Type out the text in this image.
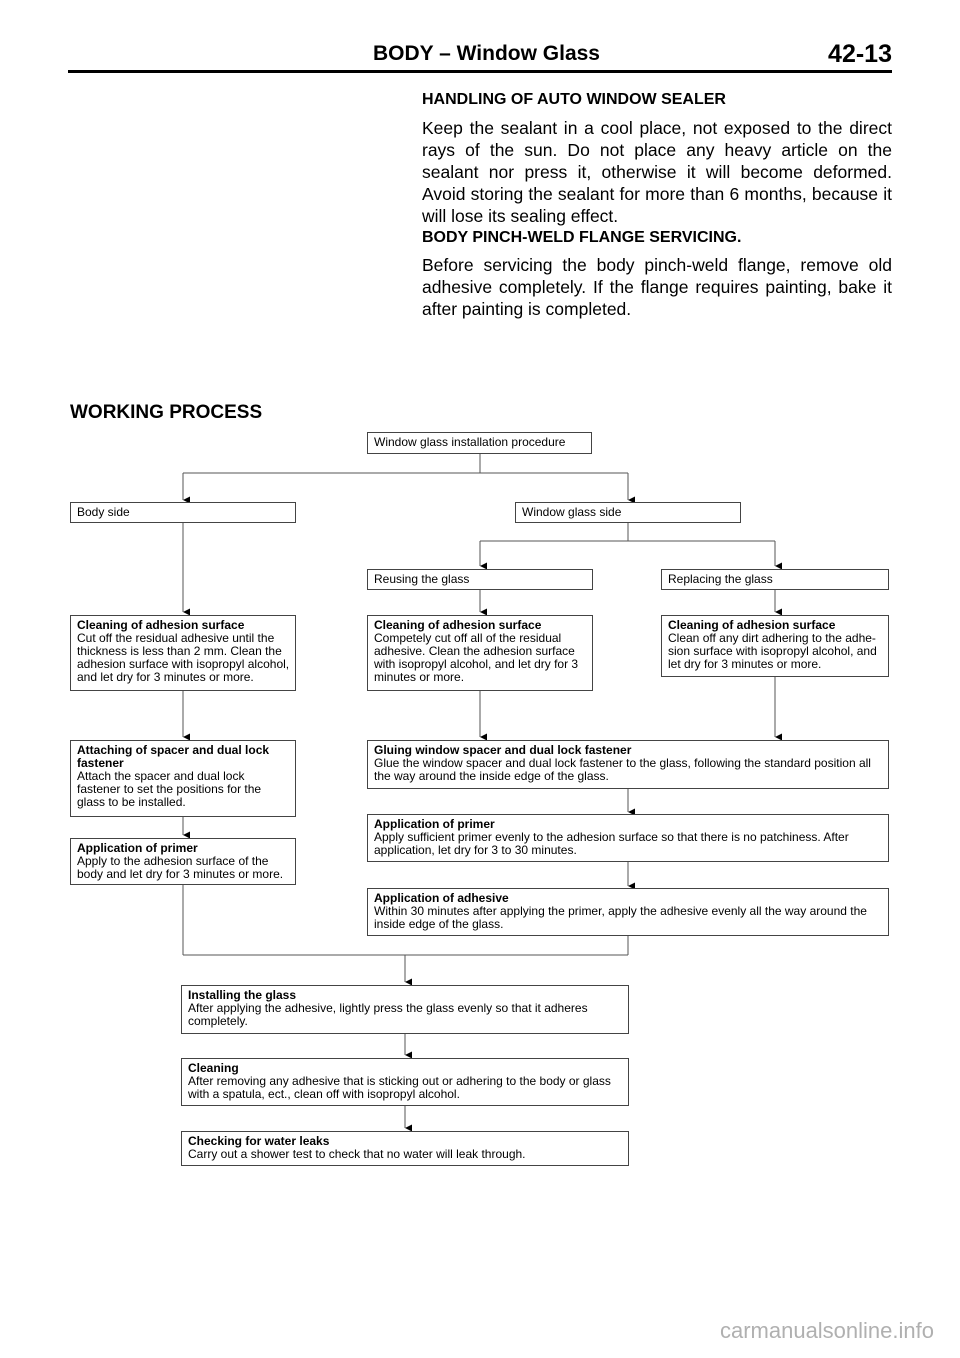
BODY – Window Glass	42-13
HANDLING OF AUTO WINDOW SEALER
Keep the sealant in a cool place, not exposed to the direct rays of the sun. Do not place any heavy article on the sealant nor press it, otherwise it will become deformed. Avoid storing the sealant for more than 6 months, because it will lose its sealing effect.
BODY PINCH-WELD FLANGE SERVICING.
Before servicing the body pinch-weld flange, remove old adhesive completely. If the flange requires painting, bake it after painting is completed.
WORKING PROCESS
Window glass installation procedure
Body side	Window glass side
Reusing the glass	Replacing the glass
Cleaning of adhesion surface
Cut off the residual adhesive until the thickness is less than 2 mm. Clean the adhesion surface with isopropyl alcohol, and let dry for 3 minutes or more.
Cleaning of adhesion surface
Competely cut off all of the residual adhesive. Clean the adhesion surface with isopropyl alcohol, and let dry for 3 minutes or more.
Cleaning of adhesion surface
Clean off any dirt adhering to the adhe-sion surface with isopropyl alcohol, and let dry for 3 minutes or more.
Attaching of spacer and dual lock fastener
Attach the spacer and dual lock fastener to set the positions for the glass to be installed.
Gluing window spacer and dual lock fastener
Glue the window spacer and dual lock fastener to the glass, following the standard position all the way around the inside edge of the glass.
Application of primer
Apply sufficient primer evenly to the adhesion surface so that there is no patchiness. After application, let dry for 3 to 30 minutes.
Application of primer
Apply to the adhesion surface of the body and let dry for 3 minutes or more.
Application of adhesive
Within 30 minutes after applying the primer, apply the adhesive evenly all the way around the inside edge of the glass.
Installing the glass
After applying the adhesive, lightly press the glass evenly so that it adheres completely.
Cleaning
After removing any adhesive that is sticking out or adhering to the body or glass with a spatula, ect., clean off with isopropyl alcohol.
Checking for water leaks
Carry out a shower test to check that no water will leak through.
carmanualsonline.info
